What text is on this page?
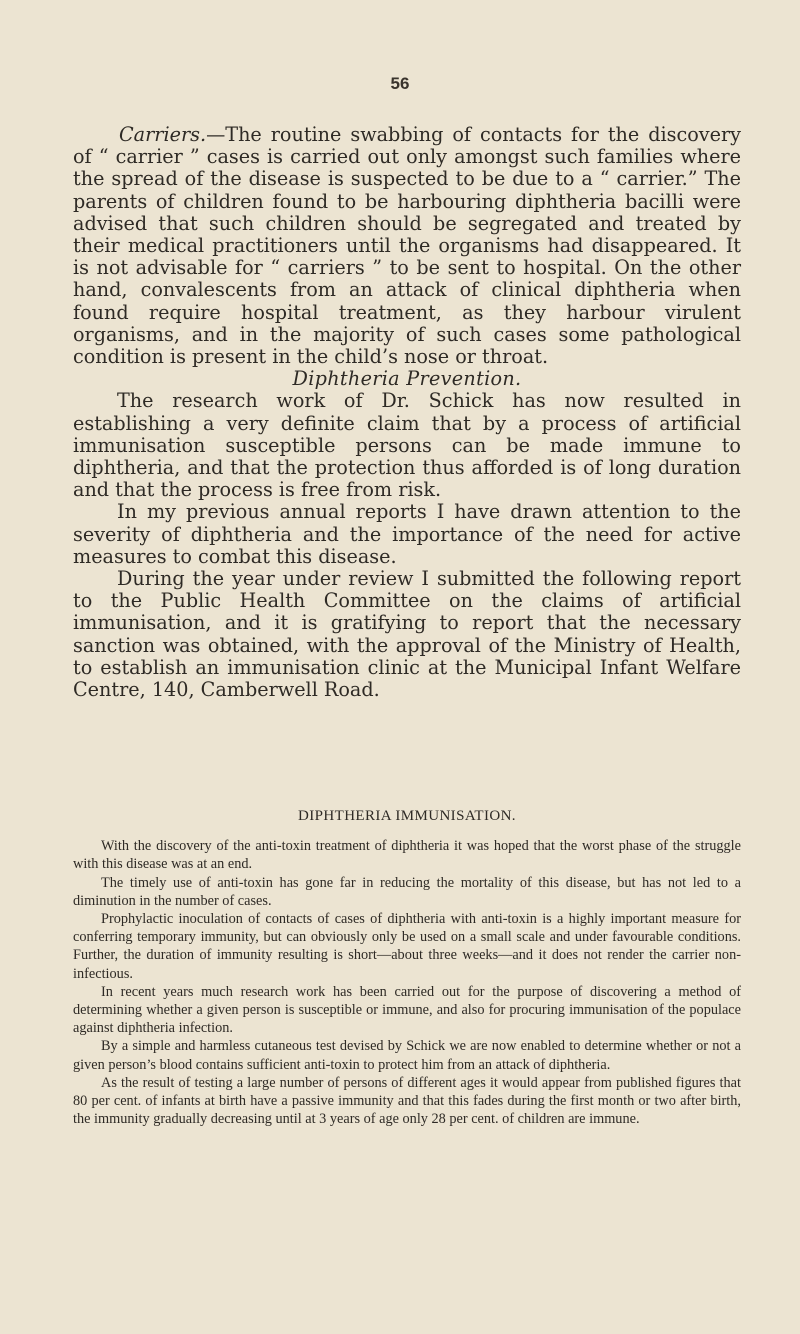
56

Carriers.—The routine swabbing of contacts for the discovery of “ carrier ” cases is carried out only amongst such families where the spread of the disease is suspected to be due to a “ carrier.” The parents of children found to be harbouring diphtheria bacilli were advised that such children should be segregated and treated by their medical practitioners until the organisms had disappeared. It is not advisable for “ carriers ” to be sent to hospital. On the other hand, convalescents from an attack of clinical diphtheria when found require hospital treatment, as they harbour virulent organisms, and in the majority of such cases some pathological condition is present in the child’s nose or throat.

Diphtheria Prevention.

The research work of Dr. Schick has now resulted in establishing a very definite claim that by a process of artificial immunisation susceptible persons can be made immune to diphtheria, and that the protection thus afforded is of long duration and that the process is free from risk.

In my previous annual reports I have drawn attention to the severity of diphtheria and the importance of the need for active measures to combat this disease.

During the year under review I submitted the following report to the Public Health Committee on the claims of artificial immunisation, and it is gratifying to report that the necessary sanction was obtained, with the approval of the Ministry of Health, to establish an immunisation clinic at the Municipal Infant Welfare Centre, 140, Camberwell Road.

DIPHTHERIA IMMUNISATION.

With the discovery of the anti-toxin treatment of diphtheria it was hoped that the worst phase of the struggle with this disease was at an end.

The timely use of anti-toxin has gone far in reducing the mortality of this disease, but has not led to a diminution in the number of cases.

Prophylactic inoculation of contacts of cases of diphtheria with anti-toxin is a highly important measure for conferring temporary immunity, but can obviously only be used on a small scale and under favourable conditions. Further, the duration of immunity resulting is short—about three weeks—and it does not render the carrier non-infectious.

In recent years much research work has been carried out for the purpose of discovering a method of determining whether a given person is susceptible or immune, and also for procuring immunisation of the populace against diphtheria infection.

By a simple and harmless cutaneous test devised by Schick we are now enabled to determine whether or not a given person’s blood contains sufficient anti-toxin to protect him from an attack of diphtheria.

As the result of testing a large number of persons of different ages it would appear from published figures that 80 per cent. of infants at birth have a passive immunity and that this fades during the first month or two after birth, the immunity gradually decreasing until at 3 years of age only 28 per cent. of children are immune.
